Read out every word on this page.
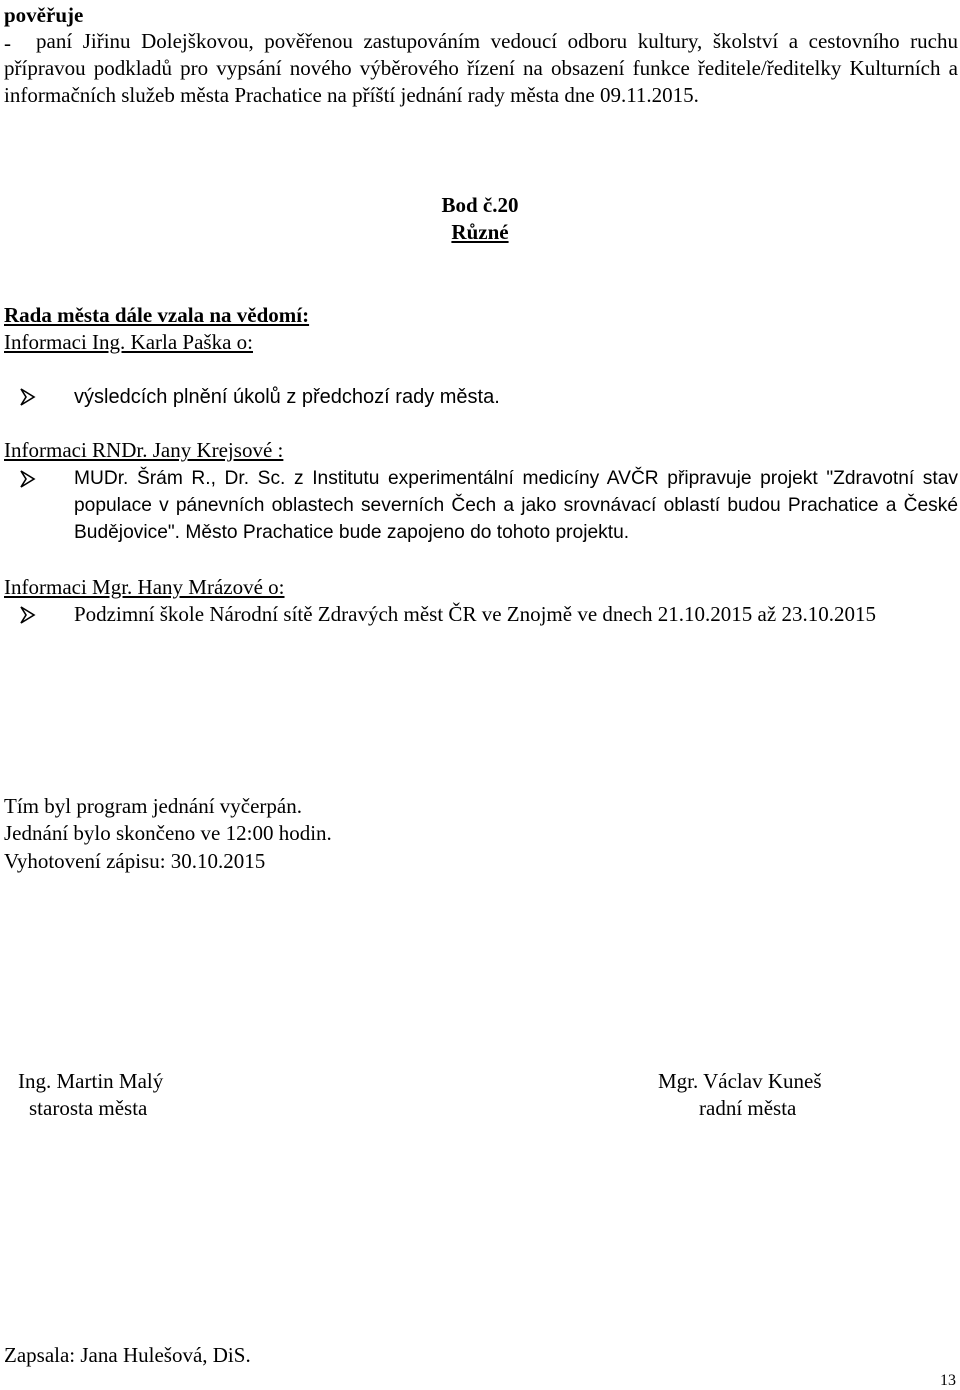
pověřuje
-	paní Jiřinu Dolejškovou, pověřenou zastupováním vedoucí odboru kultury, školství a cestovního ruchu přípravou podkladů pro vypsání nového výběrového řízení na obsazení funkce ředitele/ředitelky Kulturních a informačních služeb města Prachatice na příští jednání rady města dne 09.11.2015.
Bod č.20
Různé
Rada města dále vzala na vědomí:
Informaci Ing. Karla Paška o:
výsledcích plnění úkolů z předchozí rady města.
Informaci RNDr. Jany Krejsové :
MUDr. Šrám R., Dr. Sc. z Institutu experimentální medicíny AVČR připravuje projekt "Zdravotní stav populace v pánevních oblastech severních Čech a jako srovnávací oblastí budou Prachatice a České Budějovice". Město Prachatice bude zapojeno do tohoto projektu.
Informaci Mgr. Hany Mrázové o:
Podzimní škole Národní sítě Zdravých měst ČR ve Znojmě ve dnech 21.10.2015 až 23.10.2015
Tím byl program jednání vyčerpán.
Jednání bylo skončeno ve 12:00 hodin.
Vyhotovení zápisu: 30.10.2015
Ing. Martin Malý
starosta města
Mgr. Václav Kuneš
radní města
Zapsala: Jana Hulešová, DiS.
13
